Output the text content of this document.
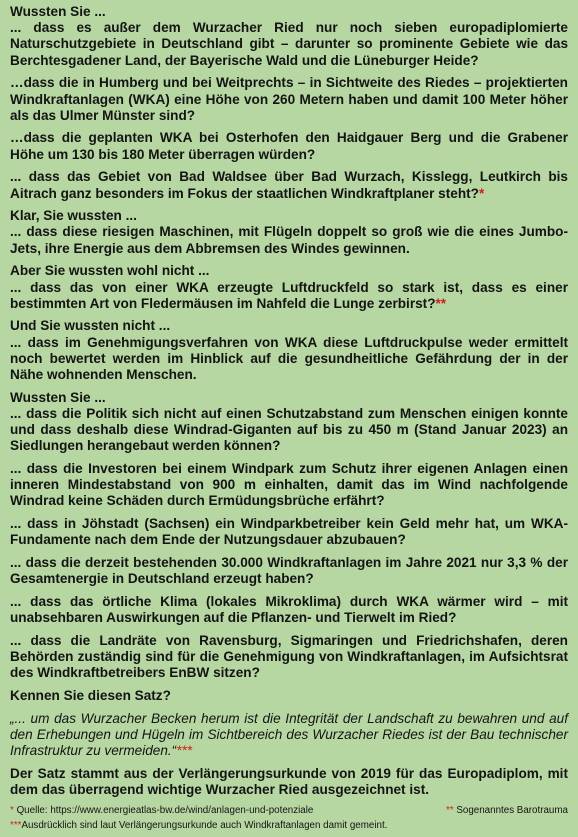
Wussten Sie ...

... dass es außer dem Wurzacher Ried nur noch sieben europadiplomierte Naturschutzgebiete in Deutschland gibt – darunter so prominente Gebiete wie das Berchtesgadener Land, der Bayerische Wald und die Lüneburger Heide?

…dass die in Humberg und bei Weitprechts – in Sichtweite des Riedes – projektierten Windkraftanlagen (WKA) eine Höhe von 260 Metern haben und damit 100 Meter höher als das Ulmer Münster sind?

…dass die geplanten WKA bei Osterhofen den Haidgauer Berg und die Grabener Höhe um 130 bis 180 Meter überragen würden?

... dass das Gebiet von Bad Waldsee über Bad Wurzach, Kisslegg, Leutkirch bis Aitrach ganz besonders im Fokus der staatlichen Windkraftplaner steht?*

Klar, Sie wussten ...

... dass diese riesigen Maschinen, mit Flügeln doppelt so groß wie die eines Jumbo-Jets, ihre Energie aus dem Abbremsen des Windes gewinnen.

Aber Sie wussten wohl nicht ...

... dass das von einer WKA erzeugte Luftdruckfeld so stark ist, dass es einer bestimmten Art von Fledermäusen im Nahfeld die Lunge zerbirst?**

Und Sie wussten nicht ...

... dass im Genehmigungsverfahren von WKA diese Luftdruckpulse weder ermittelt noch bewertet werden im Hinblick auf die gesundheitliche Gefährdung der in der Nähe wohnenden Menschen.

Wussten Sie ...

... dass die Politik sich nicht auf einen Schutzabstand zum Menschen einigen konnte und dass deshalb diese Windrad-Giganten auf bis zu 450 m (Stand Januar 2023) an Siedlungen herangebaut werden können?

... dass die Investoren bei einem Windpark zum Schutz ihrer eigenen Anlagen einen inneren Mindestabstand von 900 m einhalten, damit das im Wind nachfolgende Windrad keine Schäden durch Ermüdungsbrüche erfährt?

... dass in Jöhstadt (Sachsen) ein Windparkbetreiber kein Geld mehr hat, um WKA-Fundamente nach dem Ende der Nutzungsdauer abzubauen?

... dass die derzeit bestehenden 30.000 Windkraftanlagen im Jahre 2021 nur 3,3 % der Gesamtenergie in Deutschland erzeugt haben?

... dass das örtliche Klima (lokales Mikroklima) durch WKA wärmer wird – mit unabsehbaren Auswirkungen auf die Pflanzen- und Tierwelt im Ried?

... dass die Landräte von Ravensburg, Sigmaringen und Friedrichshafen, deren Behörden zuständig sind für die Genehmigung von Windkraftanlagen, im Aufsichtsrat des Windkraftbetreibers EnBW sitzen?

Kennen Sie diesen Satz?

„... um das Wurzacher Becken herum ist die Integrität der Landschaft zu bewahren und auf den Erhebungen und Hügeln im Sichtbereich des Wurzacher Riedes ist der Bau technischer Infrastruktur zu vermeiden.“***

Der Satz stammt aus der Verlängerungsurkunde von 2019 für das Europadiplom, mit dem das überragend wichtige Wurzacher Ried ausgezeichnet ist.

* Quelle: https://www.energieatlas-bw.de/wind/anlagen-und-potenziale	** Sogenanntes Barotrauma
***Ausdrücklich sind laut Verlängerungsurkunde auch Windkraftanlagen damit gemeint.
